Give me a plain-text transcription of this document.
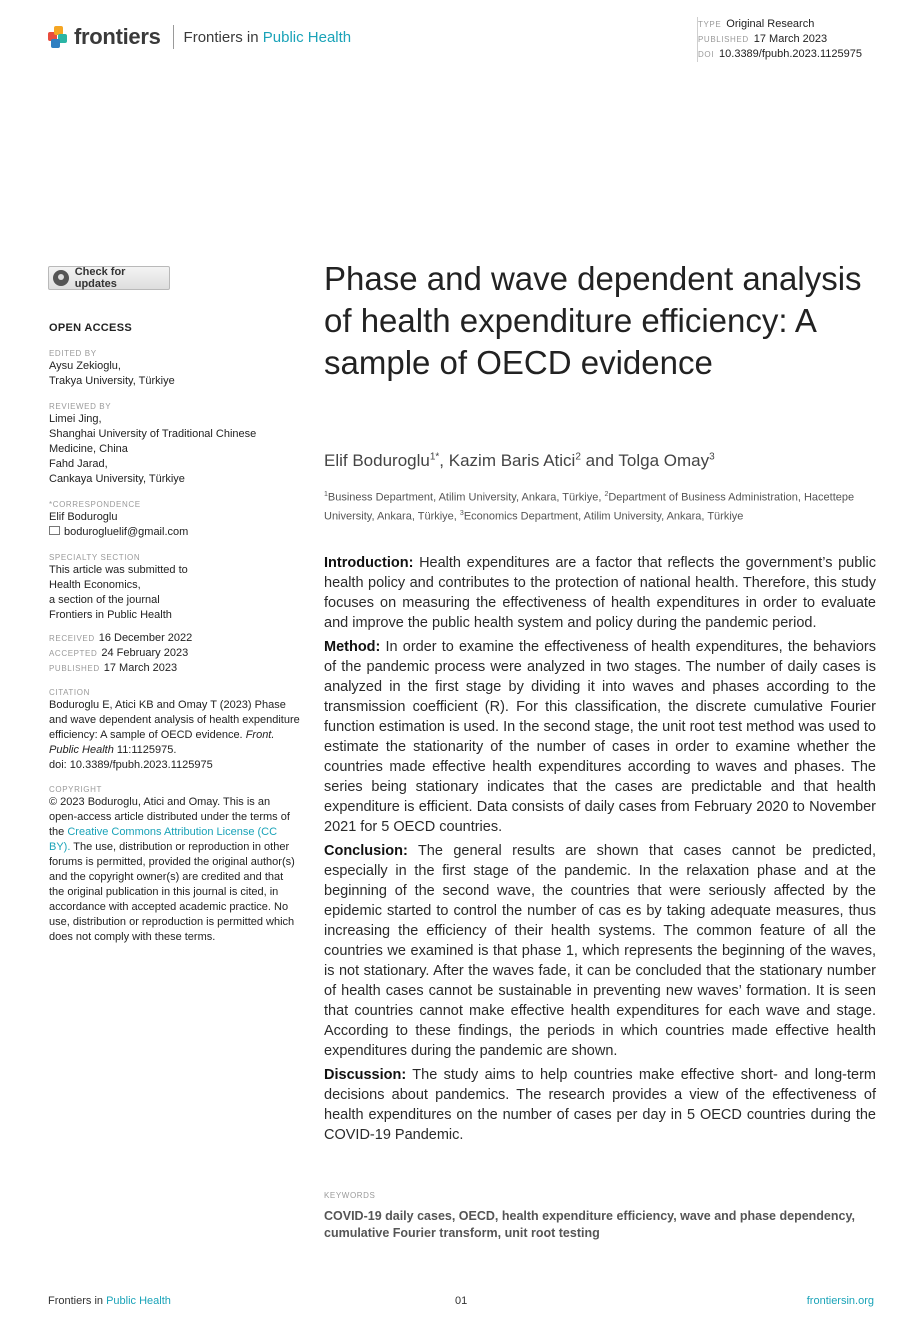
frontiers Frontiers in Public Health
TYPE Original Research
PUBLISHED 17 March 2023
DOI 10.3389/fpubh.2023.1125975
Check for updates
OPEN ACCESS
EDITED BY

Aysu Zekioglu,

Trakya University, Türkiye

REVIEWED BY

Limei Jing,

Shanghai University of Traditional Chinese

Medicine, China

Fahd Jarad,

Cankaya University, Türkiye

*CORRESPONDENCE

Elif Boduroglu

bodurogluelif@gmail.com

SPECIALTY SECTION

This article was submitted to

Health Economics,

a section of the journal

Frontiers in Public Health

RECEIVED 16 December 2022

ACCEPTED 24 February 2023

PUBLISHED 17 March 2023

CITATION
Boduroglu E, Atici KB and Omay T (2023) Phase and wave dependent analysis of health expenditure efficiency: A sample of OECD evidence. Front. Public Health 11:1125975.
doi: 10.3389/fpubh.2023.1125975
COPYRIGHT
© 2023 Boduroglu, Atici and Omay. This is an open-access article distributed under the terms of the Creative Commons Attribution License (CC BY). The use, distribution or reproduction in other forums is permitted, provided the original author(s) and the copyright owner(s) are credited and that the original publication in this journal is cited, in accordance with accepted academic practice. No use, distribution or reproduction is permitted which does not comply with these terms.
Phase and wave dependent analysis of health expenditure efficiency: A sample of OECD evidence
Elif Boduroglu$^{1*}$, Kazim Baris Atici$^2$ and Tolga Omay$^3$
$^1$Business Department, Atilim University, Ankara, Türkiye, $^2$Department of Business Administration, Hacettepe University, Ankara, Türkiye, $^3$Economics Department, Atilim University, Ankara, Türkiye

Introduction: Health expenditures are a factor that reflects the government’s public health policy and contributes to the protection of national health. Therefore, this study focuses on measuring the effectiveness of health expenditures in order to evaluate and improve the public health system and policy during the pandemic period.

Method: In order to examine the effectiveness of health expenditures, the behaviors of the pandemic process were analyzed in two stages. The number of daily cases is analyzed in the first stage by dividing it into waves and phases according to the transmission coefficient (R). For this classification, the discrete cumulative Fourier function estimation is used. In the second stage, the unit root test method was used to estimate the stationarity of the number of cases in order to examine whether the countries made effective health expenditures according to waves and phases. The series being stationary indicates that the cases are predictable and that health expenditure is efficient. Data consists of daily cases from February 2020 to November 2021 for 5 OECD countries.

Conclusion: The general results are shown that cases cannot be predicted, especially in the first stage of the pandemic. In the relaxation phase and at the beginning of the second wave, the countries that were seriously affected by the epidemic started to control the number of cas es by taking adequate measures, thus increasing the efficiency of their health systems. The common feature of all the countries we examined is that phase 1, which represents the beginning of the waves, is not stationary. After the waves fade, it can be concluded that the stationary number of health cases cannot be sustainable in preventing new waves’ formation. It is seen that countries cannot make effective health expenditures for each wave and stage. According to these findings, the periods in which countries made effective health expenditures during the pandemic are shown.

Discussion: The study aims to help countries make effective short- and long-term decisions about pandemics. The research provides a view of the effectiveness of health expenditures on the number of cases per day in 5 OECD countries during the COVID-19 Pandemic.

KEYWORDS
COVID-19 daily cases, OECD, health expenditure efficiency, wave and phase dependency, cumulative Fourier transform, unit root testing
Frontiers in Public Health	01	frontiersin.org
